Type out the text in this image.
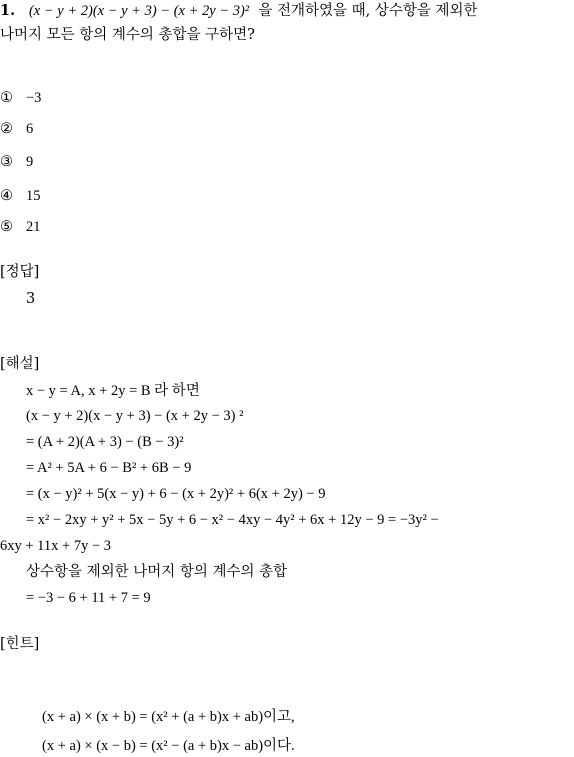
1. (x − y + 2)(x − y + 3) − (x + 2y − 3)² 을 전개하였을 때, 상수항을 제외한
나머지 모든 항의 계수의 총합을 구하면?
① −3
② 6
③ 9
④ 15
⑤ 21
[정답]
3
[해설]
x − y = A, x + 2y = B 라 하면
(x − y + 2)(x − y + 3) − (x + 2y − 3) ²
= (A + 2)(A + 3) − (B − 3)²
= A² + 5A + 6 − B² + 6B − 9
= (x − y)² + 5(x − y) + 6 − (x + 2y)² + 6(x + 2y) − 9
= x² − 2xy + y² + 5x − 5y + 6 − x² − 4xy − 4y² + 6x + 12y − 9 = −3y² −
6xy + 11x + 7y − 3
상수항을 제외한 나머지 항의 계수의 총합
= −3 − 6 + 11 + 7 = 9
[힌트]
(x + a) × (x + b) = (x² + (a + b)x + ab)이고,
(x + a) × (x − b) = (x² − (a + b)x − ab)이다.
